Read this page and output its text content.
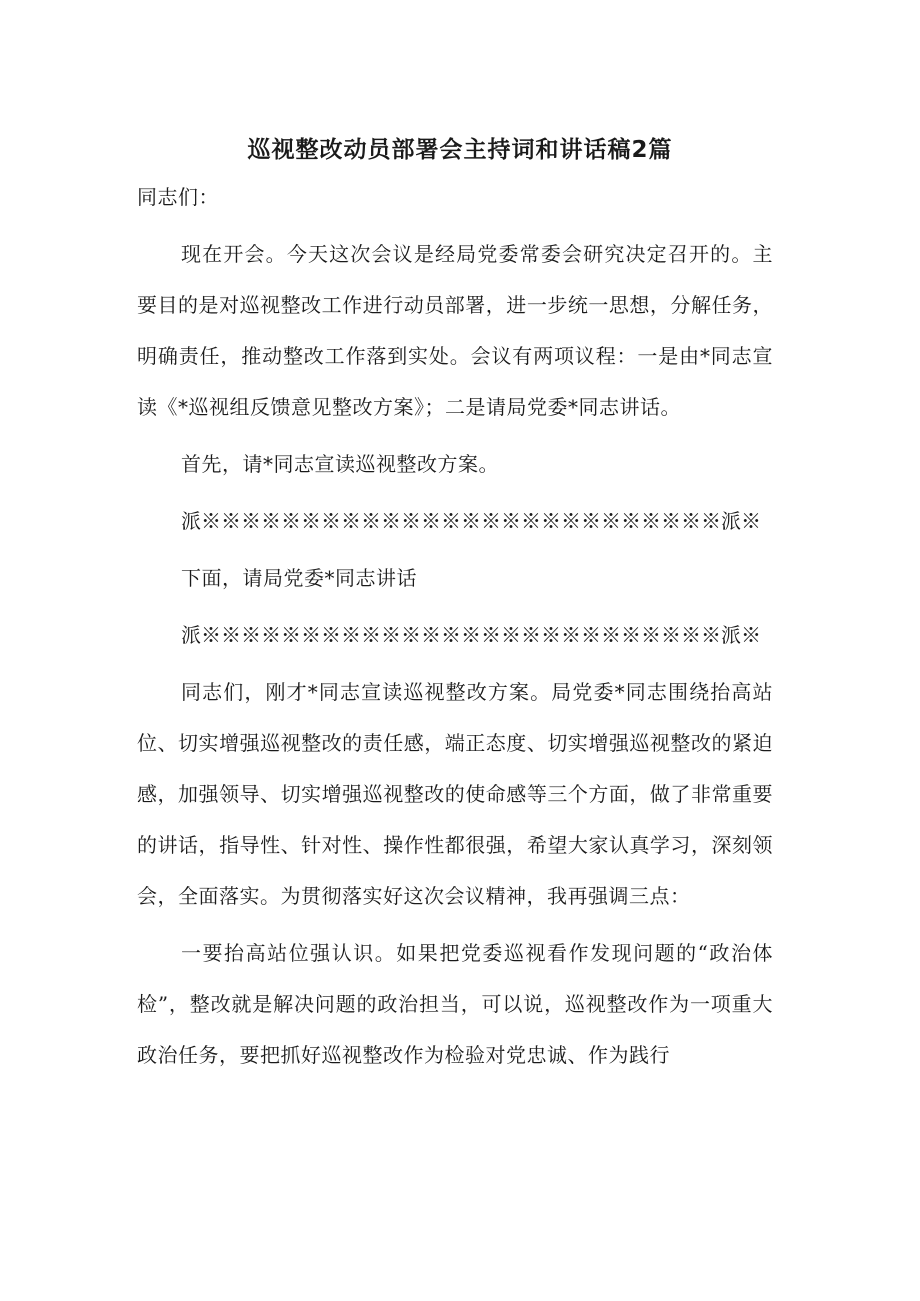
巡视整改动员部署会主持词和讲话稿2篇

同志们：

现在开会。今天这次会议是经局党委常委会研究决定召开的。主要目的是对巡视整改工作进行动员部署，进一步统一思想，分解任务，明确责任，推动整改工作落到实处。会议有两项议程：一是由*同志宣读《*巡视组反馈意见整改方案》；二是请局党委*同志讲话。

首先，请*同志宣读巡视整改方案。

派※※※※※※※※※※※※※※※※※※※※※※※※※※派※

下面，请局党委*同志讲话

派※※※※※※※※※※※※※※※※※※※※※※※※※※派※

同志们，刚才*同志宣读巡视整改方案。局党委*同志围绕抬高站位、切实增强巡视整改的责任感，端正态度、切实增强巡视整改的紧迫感，加强领导、切实增强巡视整改的使命感等三个方面，做了非常重要的讲话，指导性、针对性、操作性都很强，希望大家认真学习，深刻领会，全面落实。为贯彻落实好这次会议精神，我再强调三点：

一要抬高站位强认识。如果把党委巡视看作发现问题的“政治体检”，整改就是解决问题的政治担当，可以说，巡视整改作为一项重大政治任务，要把抓好巡视整改作为检验对党忠诚、作为践行
